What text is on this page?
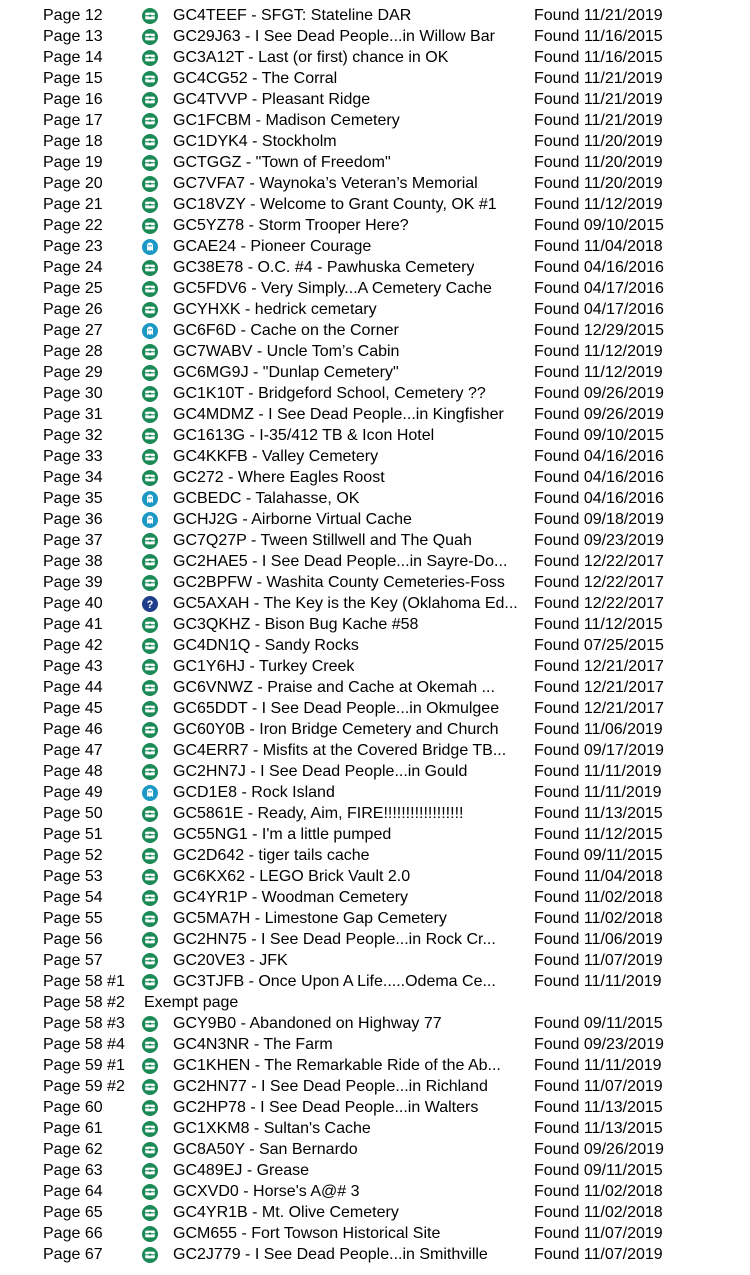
Page 12	GC4TEEF - SFGT: Stateline DAR	Found 11/21/2019
Page 13	GC29J63 - I See Dead People...in Willow Bar Found 11/16/2015
Page 14	GC3A12T - Last (or first) chance in OK	Found 11/16/2015
Page 15	GC4CG52 - The Corral	Found 11/21/2019
Page 16	GC4TVVP - Pleasant Ridge	Found 11/21/2019
Page 17	GC1FCBM - Madison Cemetery	Found 11/21/2019
Page 18	GC1DYK4 - Stockholm	Found 11/20/2019
Page 19	GCTGGZ - "Town of Freedom"	Found 11/20/2019
Page 20	GC7VFA7 - Waynoka’s Veteran’s Memorial	Found 11/20/2019
Page 21	GC18VZY - Welcome to Grant County, OK #1 Found 11/12/2019
Page 22	GC5YZ78 - Storm Trooper Here?	Found 09/10/2015
Page 23	GCAE24 - Pioneer Courage	Found 11/04/2018
Page 24	GC38E78 - O.C. #4 - Pawhuska Cemetery	Found 04/16/2016
Page 25	GC5FDV6 - Very Simply...A Cemetery Cache	Found 04/17/2016
Page 26	GCYHXK - hedrick cemetary	Found 04/17/2016
Page 27	GC6F6D - Cache on the Corner	Found 12/29/2015
Page 28	GC7WABV - Uncle Tom’s Cabin	Found 11/12/2019
Page 29	GC6MG9J - "Dunlap Cemetery"	Found 11/12/2019
Page 30	GC1K10T - Bridgeford School, Cemetery ??	Found 09/26/2019
Page 31	GC4MDMZ - I See Dead People...in Kingfisher Found 09/26/2019
Page 32	GC1613G - I-35/412 TB & Icon Hotel	Found 09/10/2015
Page 33	GC4KKFB - Valley Cemetery	Found 04/16/2016
Page 34	GC272 - Where Eagles Roost	Found 04/16/2016
Page 35	GCBEDC - Talahasse, OK	Found 04/16/2016
Page 36	GCHJ2G - Airborne Virtual Cache	Found 09/18/2019
Page 37	GC7Q27P - Tween Stillwell and The Quah	Found 09/23/2019
Page 38	GC2HAE5 - I See Dead People...in Sayre-Do... Found 12/22/2017
Page 39	GC2BPFW - Washita County Cemeteries-Foss Found 12/22/2017
Page 40	? GC5AXAH - The Key is the Key (Oklahoma Ed... Found 12/22/2017
Page 41	GC3QKHZ - Bison Bug Kache #58	Found 11/12/2015
Page 42	GC4DN1Q - Sandy Rocks	Found 07/25/2015
Page 43	GC1Y6HJ - Turkey Creek	Found 12/21/2017
Page 44	GC6VNWZ - Praise and Cache at Okemah ... Found 12/21/2017
Page 45	GC65DDT - I See Dead People...in Okmulgee Found 12/21/2017
Page 46	GC60Y0B - Iron Bridge Cemetery and Church Found 11/06/2019
Page 47	GC4ERR7 - Misfits at the Covered Bridge TB... Found 09/17/2019
Page 48	GC2HN7J - I See Dead People...in Gould	Found 11/11/2019
Page 49	GCD1E8 - Rock Island	Found 11/11/2019
Page 50	GC5861E - Ready, Aim, FIRE!!!!!!!!!!!!!!!!!!	Found 11/13/2015
Page 51	GC55NG1 - I'm a little pumped	Found 11/12/2015
Page 52	GC2D642 - tiger tails cache	Found 09/11/2015
Page 53	GC6KX62 - LEGO Brick Vault 2.0	Found 11/04/2018
Page 54	GC4YR1P - Woodman Cemetery	Found 11/02/2018
Page 55	GC5MA7H - Limestone Gap Cemetery	Found 11/02/2018
Page 56	GC2HN75 - I See Dead People...in Rock Cr... Found 11/06/2019
Page 57	GC20VE3 - JFK	Found 11/07/2019
Page 58 #1	GC3TJFB - Once Upon A Life.....Odema Ce... Found 11/11/2019
Page 58 #2 Exempt page
Page 58 #3	GCY9B0 - Abandoned on Highway 77	Found 09/11/2015
Page 58 #4	GC4N3NR - The Farm	Found 09/23/2019
Page 59 #1	GC1KHEN - The Remarkable Ride of the Ab... Found 11/11/2019
Page 59 #2	GC2HN77 - I See Dead People...in Richland	Found 11/07/2019
Page 60	GC2HP78 - I See Dead People...in Walters	Found 11/13/2015
Page 61	GC1XKM8 - Sultan's Cache	Found 11/13/2015
Page 62	GC8A50Y - San Bernardo	Found 09/26/2019
Page 63	GC489EJ - Grease	Found 09/11/2015
Page 64	GCXVD0 - Horse's A@# 3	Found 11/02/2018
Page 65	GC4YR1B - Mt. Olive Cemetery	Found 11/02/2018
Page 66	GCM655 - Fort Towson Historical Site	Found 11/07/2019
Page 67	GC2J779 - I See Dead People...in Smithville	Found 11/07/2019
